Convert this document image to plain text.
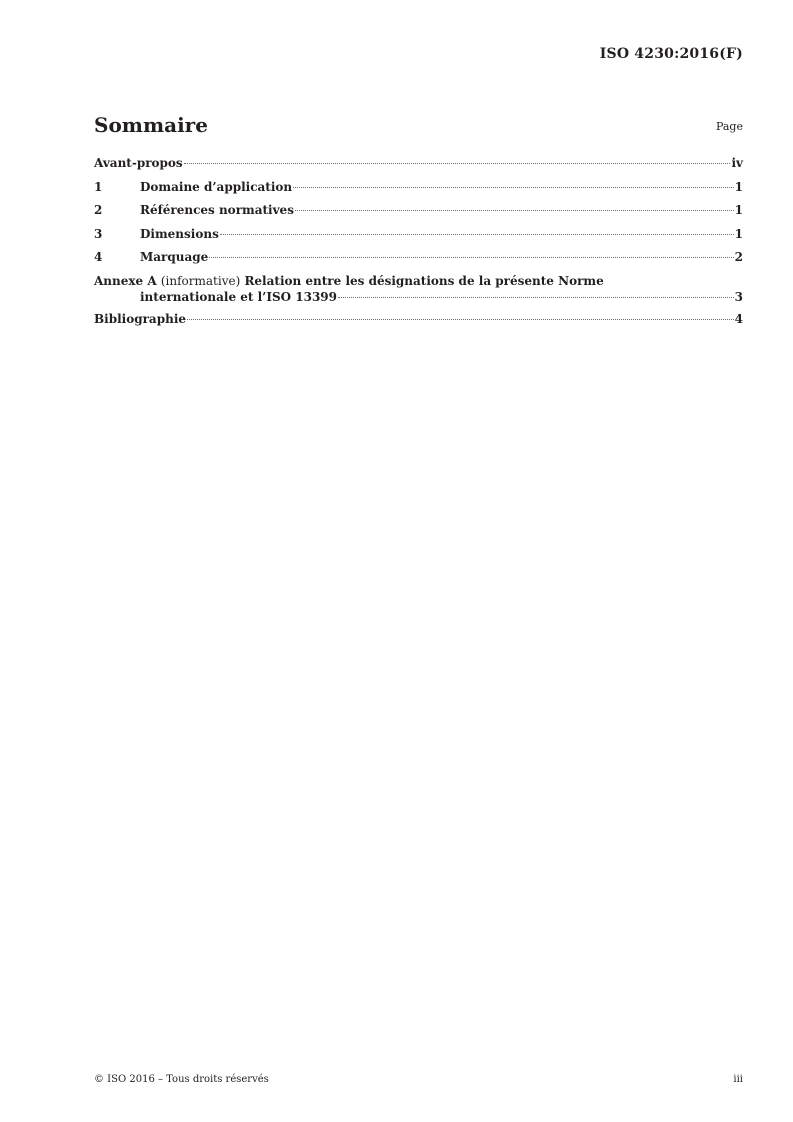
ISO 4230:2016(F)
Sommaire	Page
Avant-propos	iv
1	Domaine d’application	1
2	Références normatives	1
3	Dimensions	1
4	Marquage	2
Annexe A (informative) Relation entre les désignations de la présente Norme
internationale et l’ISO 13399	3
Bibliographie	4
© ISO 2016 – Tous droits réservés	iii
